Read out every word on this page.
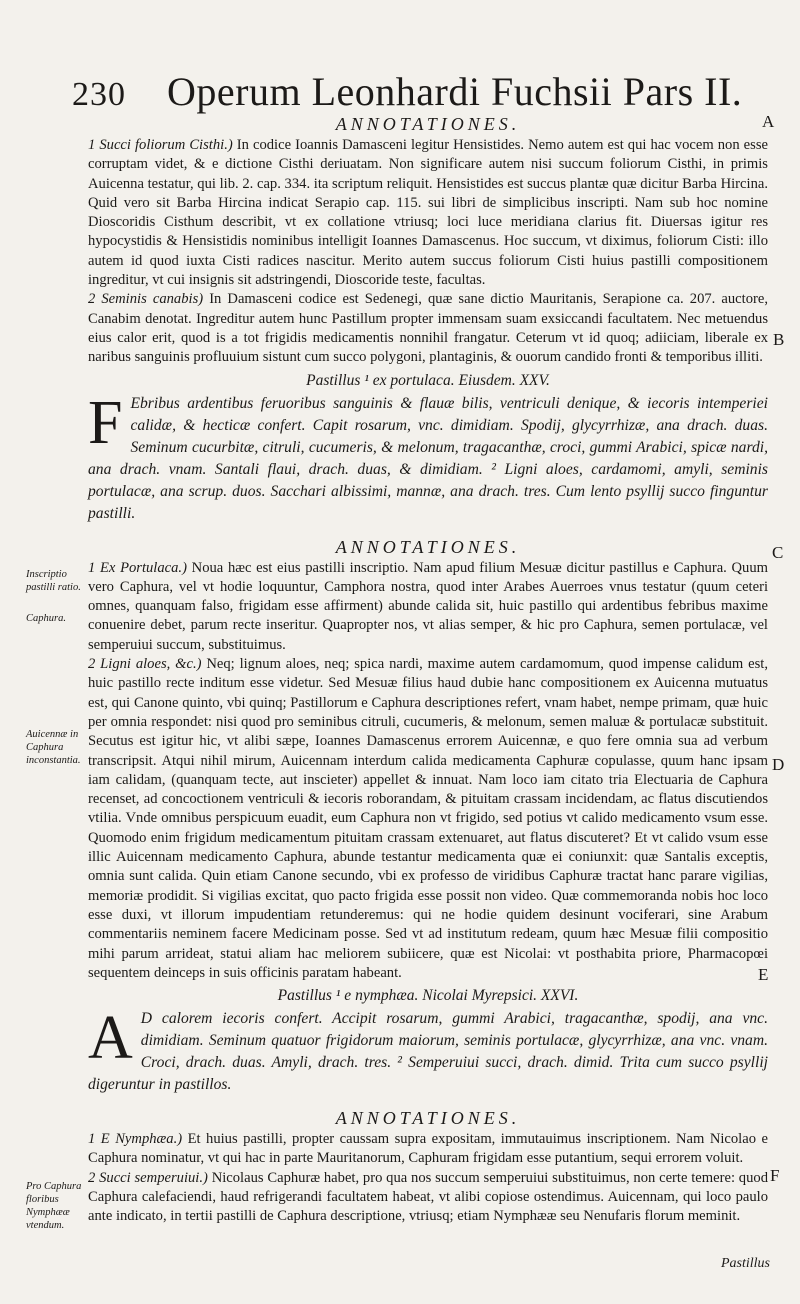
230 Operum Leonhardi Fuchsii Pars II.
A
B
C
D
E
F
Inscriptio pastilli ratio.
Caphura.
Auicennæ in Caphura inconstantia.
Pro Caphura floribus Nymphææ vtendum.
ANNOTATIONES.

1 Succi foliorum Cisthi.) In codice Ioannis Damasceni legitur Hensistides. Nemo autem est qui hac vocem non esse corruptam videt, & e dictione Cisthi deriuatam. Non significare autem nisi succum foliorum Cisthi, in primis Auicenna testatur, qui lib. 2. cap. 334. ita scriptum reliquit. Hensistides est succus plantæ quæ dicitur Barba Hircina. Quid vero sit Barba Hircina indicat Serapio cap. 115. sui libri de simplicibus inscripti. Nam sub hoc nomine Dioscoridis Cisthum describit, vt ex collatione vtriusq; loci luce meridiana clarius fit. Diuersas igitur res hypocystidis & Hensistidis nominibus intelligit Ioannes Damascenus. Hoc succum, vt diximus, foliorum Cisti: illo autem id quod iuxta Cisti radices nascitur. Merito autem succus foliorum Cisti huius pastilli compositionem ingreditur, vt cui insignis sit adstringendi, Dioscoride teste, facultas.

2 Seminis canabis) In Damasceni codice est Sedenegi, quæ sane dictio Mauritanis, Serapione ca. 207. auctore, Canabim denotat. Ingreditur autem hunc Pastillum propter immensam suam exsiccandi facultatem. Nec metuendus eius calor erit, quod is a tot frigidis medicamentis nonnihil frangatur. Ceterum vt id quoq; adiiciam, liberale ex naribus sanguinis profluuium sistunt cum succo polygoni, plantaginis, & ouorum candido fronti & temporibus illiti.

Pastillus ¹ ex portulaca. Eiusdem. XXV.

F Ebribus ardentibus feruoribus sanguinis & flauæ bilis, ventriculi denique, & iecoris intemperiei calidæ, & hecticæ confert. Capit rosarum, vnc. dimidiam. Spodij, glycyrrhizæ, ana drach. duas. Seminum cucurbitæ, citruli, cucumeris, & melonum, tragacanthæ, croci, gummi Arabici, spicæ nardi, ana drach. vnam. Santali flaui, drach. duas, & dimidiam. ² Ligni aloes, cardamomi, amyli, seminis portulacæ, ana scrup. duos. Sacchari albissimi, mannæ, ana drach. tres. Cum lento psyllij succo finguntur pastilli.

ANNOTATIONES.

1 Ex Portulaca.) Noua hæc est eius pastilli inscriptio. Nam apud filium Mesuæ dicitur pastillus e Caphura. Quum vero Caphura, vel vt hodie loquuntur, Camphora nostra, quod inter Arabes Auerroes vnus testatur (quum ceteri omnes, quanquam falso, frigidam esse affirment) abunde calida sit, huic pastillo qui ardentibus febribus maxime conuenire debet, parum recte inseritur. Quapropter nos, vt alias semper, & hic pro Caphura, semen portulacæ, vel semperuiui succum, substituimus.

2 Ligni aloes, &c.) Neq; lignum aloes, neq; spica nardi, maxime autem cardamomum, quod impense calidum est, huic pastillo recte inditum esse videtur. Sed Mesuæ filius haud dubie hanc compositionem ex Auicenna mutuatus est, qui Canone quinto, vbi quinq; Pastillorum e Caphura descriptiones refert, vnam habet, nempe primam, quæ huic per omnia respondet: nisi quod pro seminibus citruli, cucumeris, & melonum, semen maluæ & portulacæ substituit. Secutus est igitur hic, vt alibi sæpe, Ioannes Damascenus errorem Auicennæ, e quo fere omnia sua ad verbum transcripsit. Atqui nihil mirum, Auicennam interdum calida medicamenta Caphuræ copulasse, quum hanc ipsam iam calidam, (quanquam tecte, aut inscieter) appellet & innuat. Nam loco iam citato tria Electuaria de Caphura recenset, ad concoctionem ventriculi & iecoris roborandam, & pituitam crassam incidendam, ac flatus discutiendos vtilia. Vnde omnibus perspicuum euadit, eum Caphura non vt frigido, sed potius vt calido medicamento vsum esse. Quomodo enim frigidum medicamentum pituitam crassam extenuaret, aut flatus discuteret? Et vt calido vsum esse illic Auicennam medicamento Caphura, abunde testantur medicamenta quæ ei coniunxit: quæ Santalis exceptis, omnia sunt calida. Quin etiam Canone secundo, vbi ex professo de viridibus Caphuræ tractat hanc parare vigilias, memoriæ prodidit. Si vigilias excitat, quo pacto frigida esse possit non video. Quæ commemoranda nobis hoc loco esse duxi, vt illorum impudentiam retunderemus: qui ne hodie quidem desinunt vociferari, sine Arabum commentariis neminem facere Medicinam posse. Sed vt ad institutum redeam, quum hæc Mesuæ filii compositio mihi parum arrideat, statui aliam hac meliorem subiicere, quæ est Nicolai: vt posthabita priore, Pharmacopœi sequentem deinceps in suis officinis paratam habeant.

Pastillus ¹ e nymphæa. Nicolai Myrepsici. XXVI.

A D calorem iecoris confert. Accipit rosarum, gummi Arabici, tragacanthæ, spodij, ana vnc. dimidiam. Seminum quatuor frigidorum maiorum, seminis portulacæ, glycyrrhizæ, ana vnc. vnam. Croci, drach. duas. Amyli, drach. tres. ² Semperuiui succi, drach. dimid. Trita cum succo psyllij digeruntur in pastillos.

ANNOTATIONES.

1 E Nymphæa.) Et huius pastilli, propter caussam supra expositam, immutauimus inscriptionem. Nam Nicolao e Caphura nominatur, vt qui hac in parte Mauritanorum, Caphuram frigidam esse putantium, sequi errorem voluit.

2 Succi semperuiui.) Nicolaus Caphuræ habet, pro qua nos succum semperuiui substituimus, non certe temere: quod Caphura calefaciendi, haud refrigerandi facultatem habeat, vt alibi copiose ostendimus. Auicennam, qui loco paulo ante indicato, in tertii pastilli de Caphura descriptione, vtriusq; etiam Nymphææ seu Nenufaris florum meminit.

Pastillus
